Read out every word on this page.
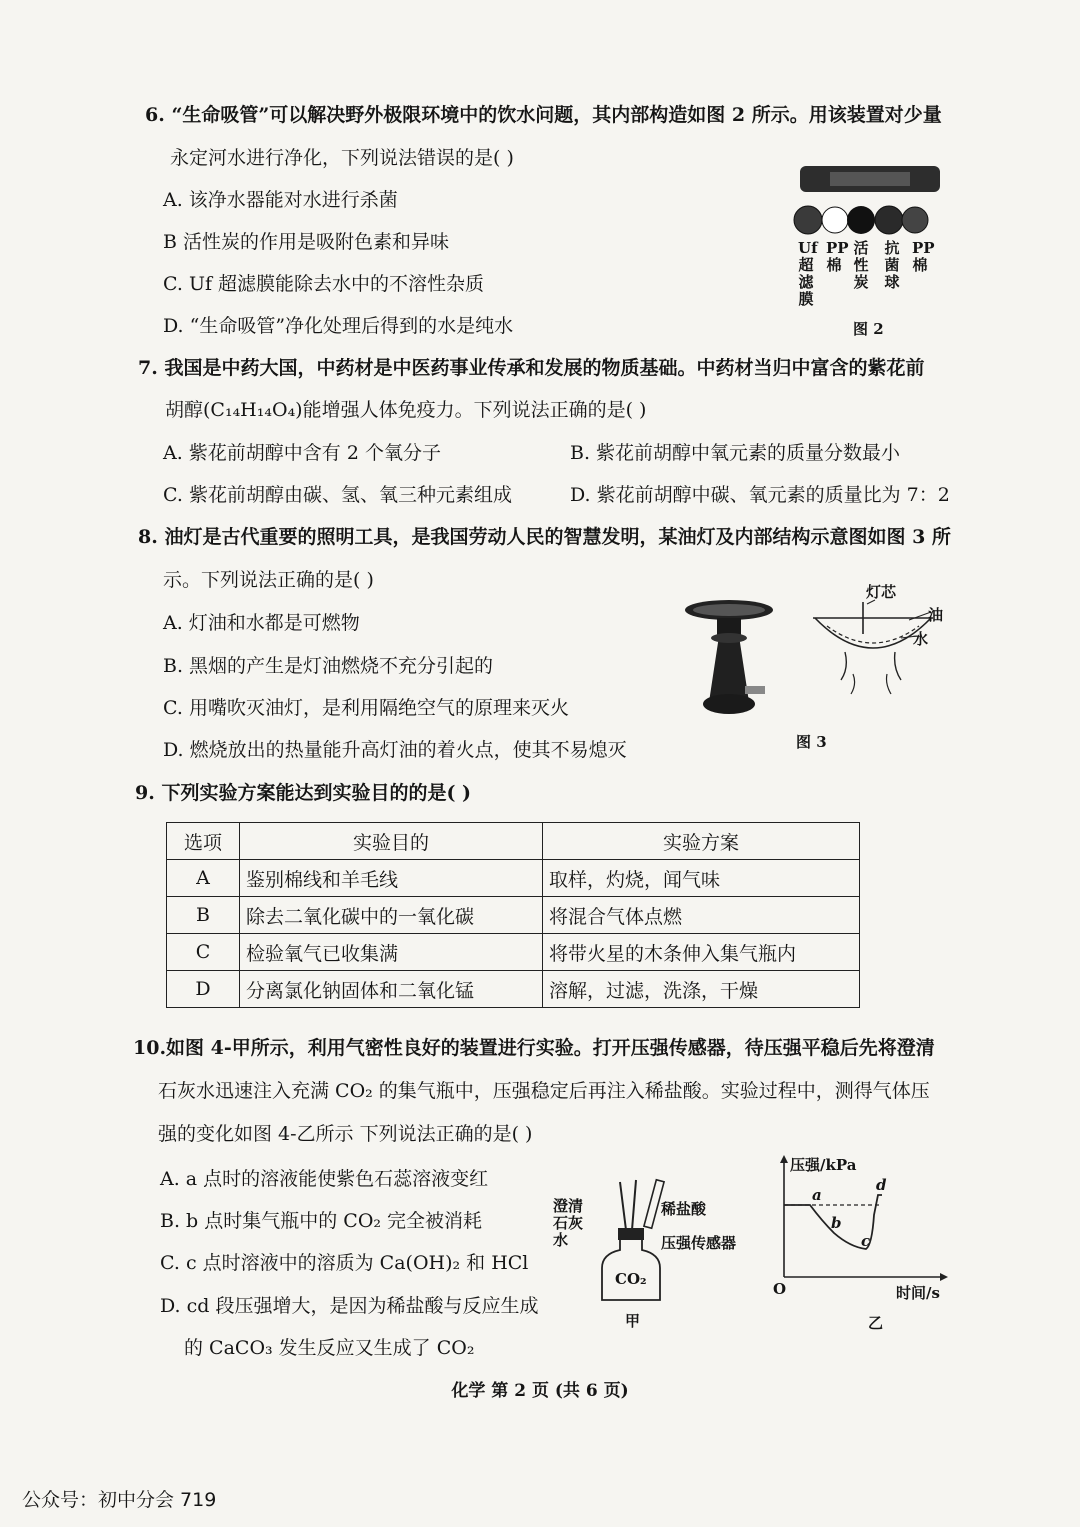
6. “生命吸管”可以解决野外极限环境中的饮水问题，其内部构造如图 2 所示。用该装置对少量
永定河水进行净化，下列说法错误的是( )
A. 该净水器能对水进行杀菌
B 活性炭的作用是吸附色素和异味
C. Uf 超滤膜能除去水中的不溶性杂质
D. “生命吸管”净化处理后得到的水是纯水
Uf超滤膜
PP棉
活性炭
抗菌球
PP棉
图 2
7. 我国是中药大国，中药材是中医药事业传承和发展的物质基础。中药材当归中富含的紫花前
胡醇(C₁₄H₁₄O₄)能增强人体免疫力。下列说法正确的是( )
A. 紫花前胡醇中含有 2 个氧分子	B. 紫花前胡醇中氧元素的质量分数最小
C. 紫花前胡醇由碳、氢、氧三种元素组成	D. 紫花前胡醇中碳、氧元素的质量比为 7：2
8. 油灯是古代重要的照明工具，是我国劳动人民的智慧发明，某油灯及内部结构示意图如图 3 所
示。下列说法正确的是( )
A. 灯油和水都是可燃物
B. 黑烟的产生是灯油燃烧不充分引起的
C. 用嘴吹灭油灯，是利用隔绝空气的原理来灭火
D. 燃烧放出的热量能升高灯油的着火点，使其不易熄灭	图 3
灯芯
油
水
9. 下列实验方案能达到实验目的的是( )
选项	实验目的	实验方案
A	鉴别棉线和羊毛线	取样，灼烧，闻气味
B	除去二氧化碳中的一氧化碳	将混合气体点燃
C	检验氧气已收集满	将带火星的木条伸入集气瓶内
D	分离氯化钠固体和二氧化锰	溶解，过滤，洗涤，干燥
10.如图 4-甲所示，利用气密性良好的装置进行实验。打开压强传感器，待压强平稳后先将澄清
石灰水迅速注入充满 CO₂ 的集气瓶中，压强稳定后再注入稀盐酸。实验过程中，测得气体压
强的变化如图 4-乙所示 下列说法正确的是( )
A. a 点时的溶液能使紫色石蕊溶液变红
B. b 点时集气瓶中的 CO₂ 完全被消耗
C. c 点时溶液中的溶质为 Ca(OH)₂ 和 HCl
D. cd 段压强增大，是因为稀盐酸与反应生成
的 CaCO₃ 发生反应又生成了 CO₂
澄清石灰水
稀盐酸
压强传感器
CO₂
甲
压强/kPa
时间/s
O
a
b
c
d
乙
化学 第 2 页 (共 6 页)
公众号：初中分会 719
